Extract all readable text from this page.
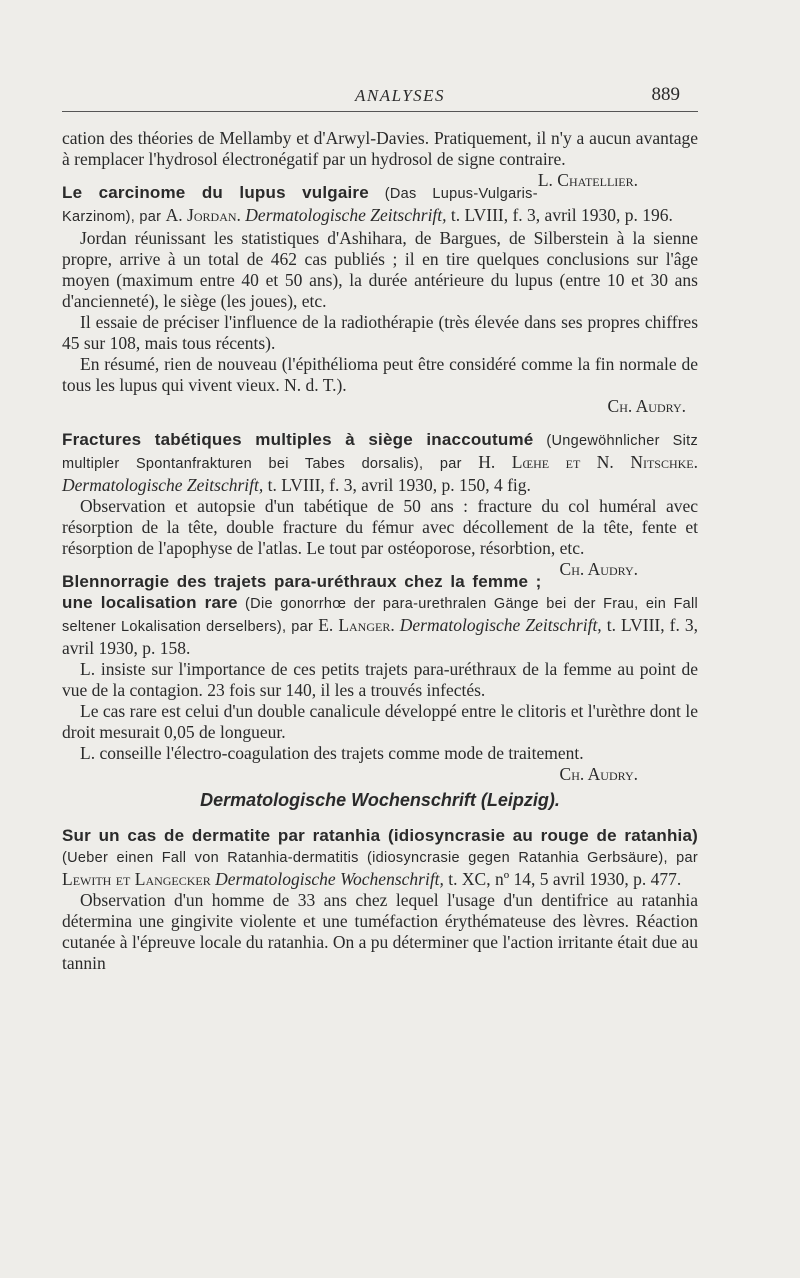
ANALYSES	889

cation des théories de Mellamby et d'Arwyl-Davies. Pratiquement, il n'y a aucun avantage à remplacer l'hydrosol électronégatif par un hydrosol de signe contraire.
L. Chatellier.

Le carcinome du lupus vulgaire (Das Lupus-Vulgaris-Karzinom), par A. Jordan. Dermatologische Zeitschrift, t. LVIII, f. 3, avril 1930, p. 196.

Jordan réunissant les statistiques d'Ashihara, de Bargues, de Silberstein à la sienne propre, arrive à un total de 462 cas publiés ; il en tire quelques conclusions sur l'âge moyen (maximum entre 40 et 50 ans), la durée antérieure du lupus (entre 10 et 30 ans d'ancienneté), le siège (les joues), etc.

Il essaie de préciser l'influence de la radiothérapie (très élevée dans ses propres chiffres 45 sur 108, mais tous récents).

En résumé, rien de nouveau (l'épithélioma peut être considéré comme la fin normale de tous les lupus qui vivent vieux. N. d. T.).

Ch. Audry.

Fractures tabétiques multiples à siège inaccoutumé (Ungewöhnlicher Sitz multipler Spontanfrakturen bei Tabes dorsalis), par H. Lœhe et N. Nitschke. Dermatologische Zeitschrift, t. LVIII, f. 3, avril 1930, p. 150, 4 fig.

Observation et autopsie d'un tabétique de 50 ans : fracture du col huméral avec résorption de la tête, double fracture du fémur avec décollement de la tête, fente et résorption de l'apophyse de l'atlas. Le tout par ostéoporose, résorbtion, etc.
Ch. Audry.

Blennorragie des trajets para-uréthraux chez la femme ; une localisation rare (Die gonorrhœ der para-urethralen Gänge bei der Frau, ein Fall seltener Lokalisation derselbers), par E. Langer. Dermatologische Zeitschrift, t. LVIII, f. 3, avril 1930, p. 158.

L. insiste sur l'importance de ces petits trajets para-uréthraux de la femme au point de vue de la contagion. 23 fois sur 140, il les a trouvés infectés.

Le cas rare est celui d'un double canalicule développé entre le clitoris et l'urèthre dont le droit mesurait 0,05 de longueur.

L. conseille l'électro-coagulation des trajets comme mode de traitement.
Ch. Audry.

Dermatologische Wochenschrift (Leipzig).

Sur un cas de dermatite par ratanhia (idiosyncrasie au rouge de ratanhia) (Ueber einen Fall von Ratanhia-dermatitis (idiosyncrasie gegen Ratanhia Gerbsäure), par Lewith et Langecker Dermatologische Wochenschrift, t. XC, nº 14, 5 avril 1930, p. 477.

Observation d'un homme de 33 ans chez lequel l'usage d'un dentifrice au ratanhia détermina une gingivite violente et une tuméfaction érythémateuse des lèvres. Réaction cutanée à l'épreuve locale du ratanhia. On a pu déterminer que l'action irritante était due au tannin
